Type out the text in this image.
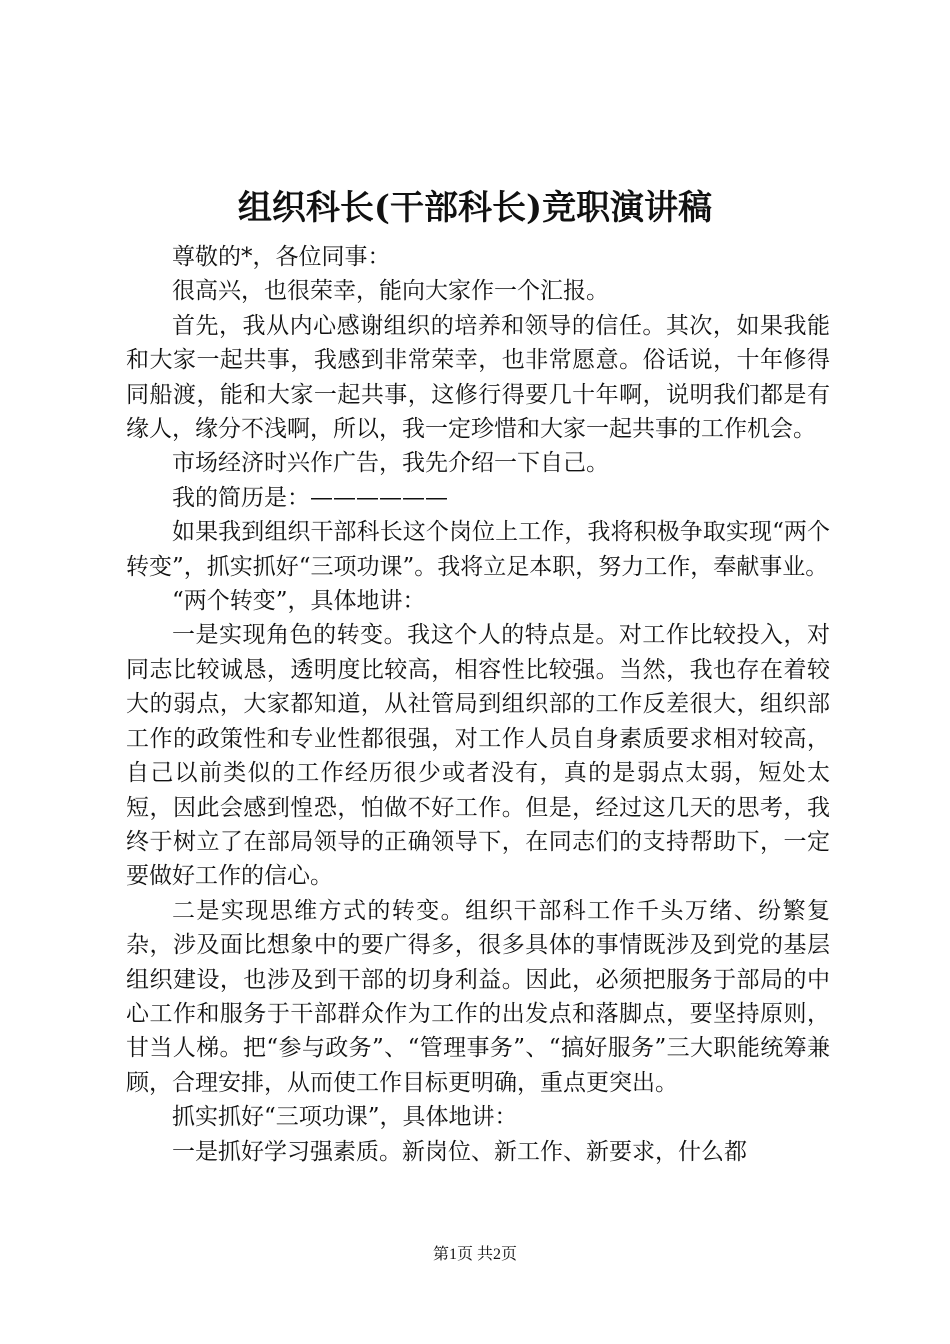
组织科长(干部科长)竞职演讲稿

尊敬的*，各位同事：

很高兴，也很荣幸，能向大家作一个汇报。

首先，我从内心感谢组织的培养和领导的信任。其次，如果我能和大家一起共事，我感到非常荣幸，也非常愿意。俗话说，十年修得同船渡，能和大家一起共事，这修行得要几十年啊，说明我们都是有缘人，缘分不浅啊，所以，我一定珍惜和大家一起共事的工作机会。

市场经济时兴作广告，我先介绍一下自己。

我的简历是：——————

如果我到组织干部科长这个岗位上工作，我将积极争取实现“两个转变”，抓实抓好“三项功课”。我将立足本职，努力工作，奉献事业。

“两个转变”，具体地讲：

一是实现角色的转变。我这个人的特点是。对工作比较投入，对同志比较诚恳，透明度比较高，相容性比较强。当然，我也存在着较大的弱点，大家都知道，从社管局到组织部的工作反差很大，组织部工作的政策性和专业性都很强，对工作人员自身素质要求相对较高，自己以前类似的工作经历很少或者没有，真的是弱点太弱，短处太短，因此会感到惶恐，怕做不好工作。但是，经过这几天的思考，我终于树立了在部局领导的正确领导下，在同志们的支持帮助下，一定要做好工作的信心。

二是实现思维方式的转变。组织干部科工作千头万绪、纷繁复杂，涉及面比想象中的要广得多，很多具体的事情既涉及到党的基层组织建设，也涉及到干部的切身利益。因此，必须把服务于部局的中心工作和服务于干部群众作为工作的出发点和落脚点，要坚持原则，甘当人梯。把“参与政务”、“管理事务”、“搞好服务”三大职能统筹兼顾，合理安排，从而使工作目标更明确，重点更突出。

抓实抓好“三项功课”，具体地讲：

一是抓好学习强素质。新岗位、新工作、新要求，什么都

第1页 共2页
